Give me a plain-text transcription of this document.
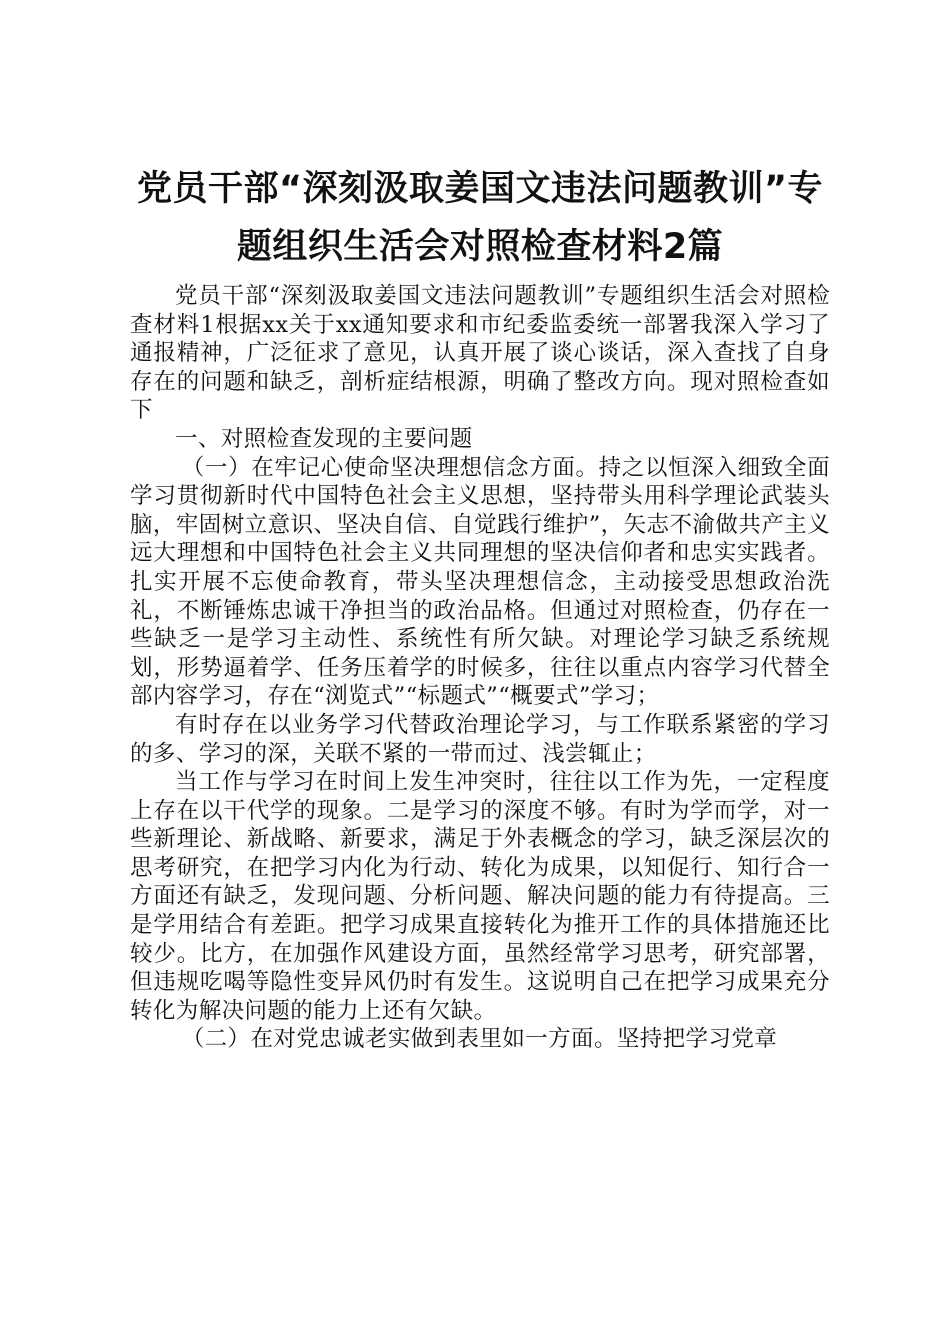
党员干部“深刻汲取姜国文违法问题教训”专题组织生活会对照检查材料2篇

党员干部“深刻汲取姜国文违法问题教训”专题组织生活会对照检查材料1根据xx关于xx通知要求和市纪委监委统一部署我深入学习了通报精神，广泛征求了意见，认真开展了谈心谈话，深入查找了自身存在的问题和缺乏，剖析症结根源，明确了整改方向。现对照检查如下

一、对照检查发现的主要问题

（一）在牢记心使命坚决理想信念方面。持之以恒深入细致全面学习贯彻新时代中国特色社会主义思想，坚持带头用科学理论武装头脑，牢固树立意识、坚决自信、自觉践行维护”，矢志不渝做共产主义远大理想和中国特色社会主义共同理想的坚决信仰者和忠实实践者。扎实开展不忘使命教育，带头坚决理想信念，主动接受思想政治洗礼，不断锤炼忠诚干净担当的政治品格。但通过对照检查，仍存在一些缺乏一是学习主动性、系统性有所欠缺。对理论学习缺乏系统规划，形势逼着学、任务压着学的时候多，往往以重点内容学习代替全部内容学习，存在“浏览式”“标题式”“概要式”学习；

有时存在以业务学习代替政治理论学习，与工作联系紧密的学习的多、学习的深，关联不紧的一带而过、浅尝辄止；

当工作与学习在时间上发生冲突时，往往以工作为先，一定程度上存在以干代学的现象。二是学习的深度不够。有时为学而学，对一些新理论、新战略、新要求，满足于外表概念的学习，缺乏深层次的思考研究，在把学习内化为行动、转化为成果，以知促行、知行合一方面还有缺乏，发现问题、分析问题、解决问题的能力有待提高。三是学用结合有差距。把学习成果直接转化为推开工作的具体措施还比较少。比方，在加强作风建设方面，虽然经常学习思考，研究部署，但违规吃喝等隐性变异风仍时有发生。这说明自己在把学习成果充分转化为解决问题的能力上还有欠缺。

（二）在对党忠诚老实做到表里如一方面。坚持把学习党章
